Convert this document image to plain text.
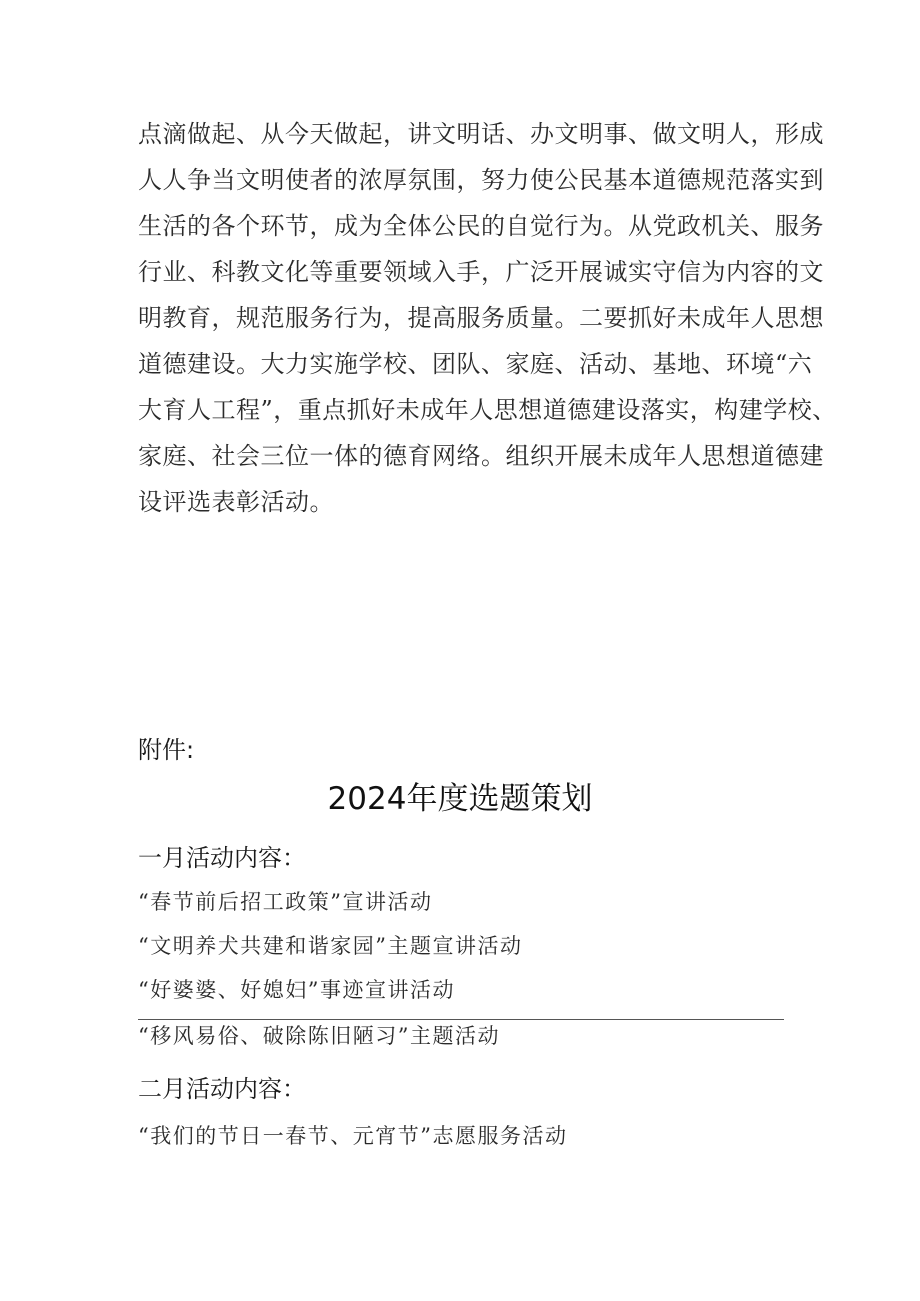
点滴做起、从今天做起，讲文明话、办文明事、做文明人，形成
人人争当文明使者的浓厚氛围，努力使公民基本道德规范落实到
生活的各个环节，成为全体公民的自觉行为。从党政机关、服务
行业、科教文化等重要领域入手，广泛开展诚实守信为内容的文
明教育，规范服务行为，提高服务质量。二要抓好未成年人思想
道德建设。大力实施学校、团队、家庭、活动、基地、环境“六
大育人工程”，重点抓好未成年人思想道德建设落实，构建学校、
家庭、社会三位一体的德育网络。组织开展未成年人思想道德建
设评选表彰活动。
附件:
2024年度选题策划
一月活动内容：
“春节前后招工政策”宣讲活动
“文明养犬共建和谐家园”主题宣讲活动
“好婆婆、好媳妇”事迹宣讲活动
“移风易俗、破除陈旧陋习”主题活动
二月活动内容：
“我们的节日一春节、元宵节”志愿服务活动
